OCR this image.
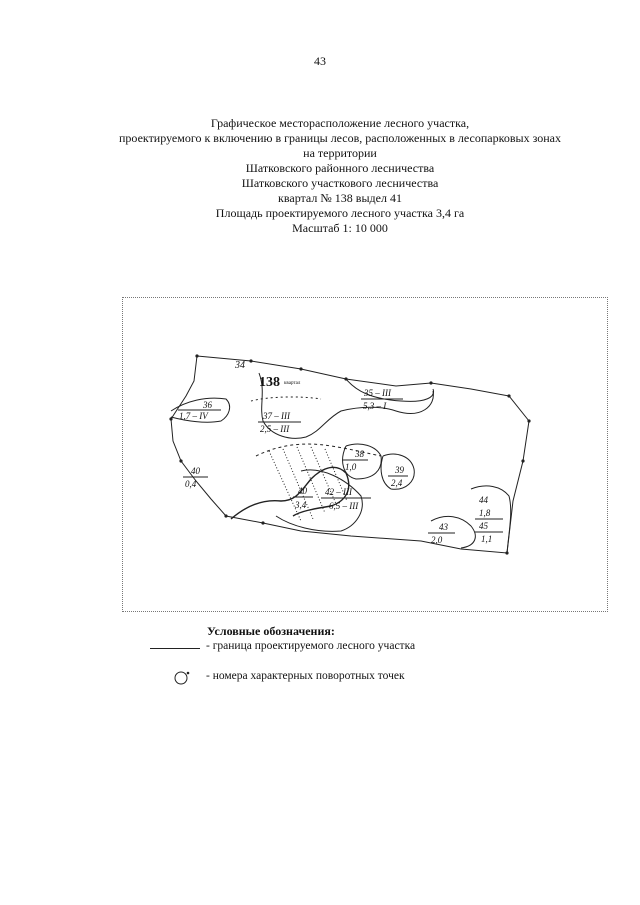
43
Графическое месторасположение лесного участка,
проектируемого к включению в границы лесов, расположенных в лесопарковых зонах
на территории
Шатковского районного лесничества
Шатковского участкового лесничества
квартал № 138 выдел 41
Площадь проектируемого лесного участка 3,4 га
Масштаб 1: 10 000
34
138 квартал
36
1,7 – IV
35 – III
5,3 – I
37 – III
2,5 – III
38
1,0	39
2,4
40
0,4
40
3,4
42 – III
6,5 – III
43
2,0
44
1,8
45
1,1
Условные обозначения:
- граница проектируемого лесного участка
- номера характерных поворотных точек
